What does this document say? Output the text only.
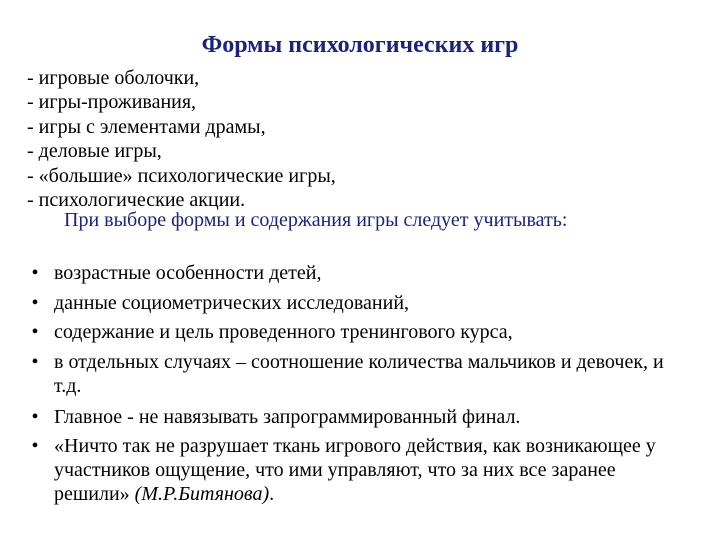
Формы психологических игр
- игровые оболочки,
- игры-проживания,
- игры с элементами драмы,
- деловые игры,
- «большие» психологические игры,
- психологические акции.
При выборе формы и содержания игры следует учитывать:
• возрастные особенности детей,
• данные социометрических исследований,
• содержание и цель проведенного тренингового курса,
• в отдельных случаях – соотношение количества мальчиков и девочек, и т.д.
• Главное - не навязывать запрограммированный финал.
• «Ничто так не разрушает ткань игрового действия, как возникающее у участников ощущение, что ими управляют, что за них все заранее решили» (М.Р.Битянова).
